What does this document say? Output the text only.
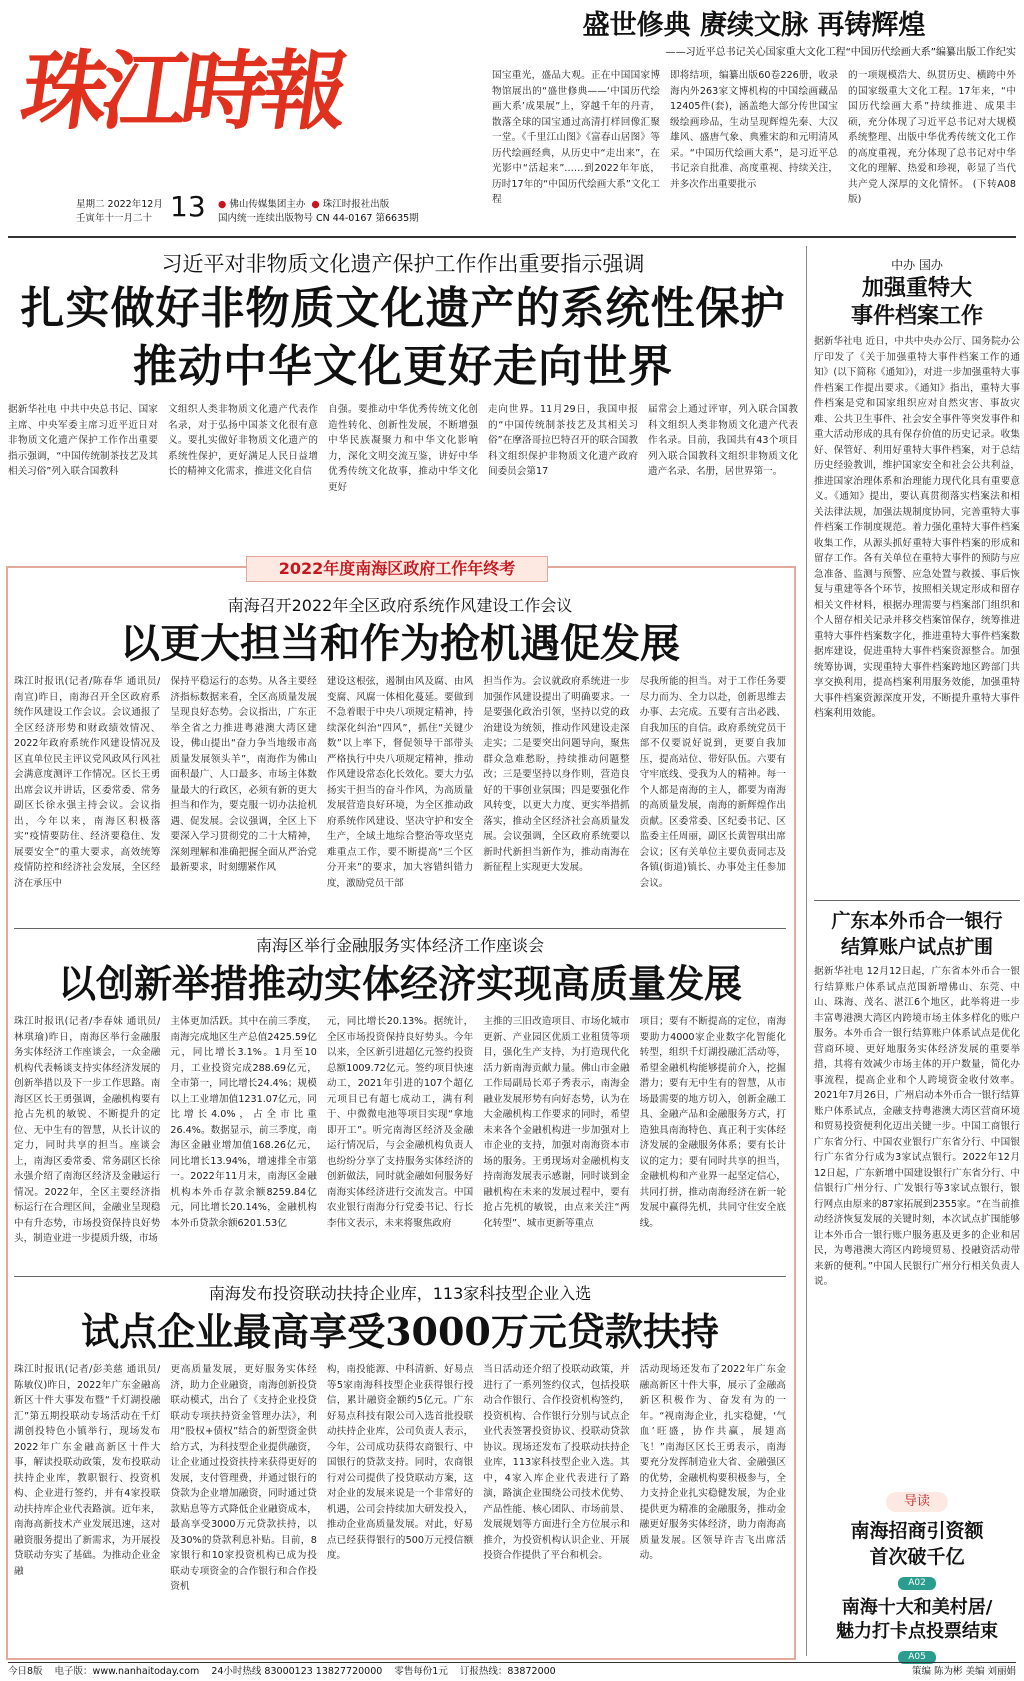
珠江時報
星期二 2022年12月
壬寅年十一月二十 13 ● 佛山传媒集团主办 ● 珠江时报社出版
国内统一连续出版物号 CN 44-0167 第6635期
盛世修典 赓续文脉 再铸辉煌
——习近平总书记关心国家重大文化工程“中国历代绘画大系”编纂出版工作纪实
国宝重光，盛品大观。正在中国国家博物馆展出的“盛世修典——‘中国历代绘画大系’成果展”上，穿越千年的丹青，散落全球的国宝通过高清打样回像汇聚一堂。《千里江山图》《富春山居图》等历代绘画经典，从历史中“走出来”，在光影中“活起来”……到2022年年底，历时17年的“中国历代绘画大系”文化工程
即将结项，编纂出版60卷226册，收录海内外263家文博机构的中国绘画藏品12405件(套)，涵盖绝大部分传世国宝级绘画珍品，生动呈现辉煌先秦、大汉雄风、盛唐气象、典雅宋韵和元明清风采。“中国历代绘画大系”，是习近平总书记亲自批准、高度重视、持续关注，并多次作出重要批示
的一项规模浩大、纵贯历史、横跨中外的国家级重大文化工程。17年来，“中国历代绘画大系”持续推进、成果丰硕，充分体现了习近平总书记对大规模系统整理、出版中华优秀传统文化工作的高度重视，充分体现了总书记对中华文化的理解、热爱和珍视，彰显了当代共产党人深厚的文化情怀。 (下转A08版)
习近平对非物质文化遗产保护工作作出重要指示强调
扎实做好非物质文化遗产的系统性保护
推动中华文化更好走向世界
据新华社电 中共中央总书记、国家主席、中央军委主席习近平近日对非物质文化遗产保护工作作出重要指示强调，“中国传统制茶技艺及其相关习俗”列入联合国教科
文组织人类非物质文化遗产代表作名录，对于弘扬中国茶文化很有意义。要扎实做好非物质文化遗产的系统性保护，更好满足人民日益增长的精神文化需求，推进文化自信
自强。要推动中华优秀传统文化创造性转化、创新性发展，不断增强中华民族凝聚力和中华文化影响力，深化文明交流互鉴，讲好中华优秀传统文化故事，推动中华文化更好
走向世界。11月29日，我国申报的“中国传统制茶技艺及其相关习俗”在摩洛哥拉巴特召开的联合国教科文组织保护非物质文化遗产政府间委员会第17
届常会上通过评审，列入联合国教科文组织人类非物质文化遗产代表作名录。目前，我国共有43个项目列入联合国教科文组织非物质文化遗产名录、名册，居世界第一。
2022年度南海区政府工作年终考
南海召开2022年全区政府系统作风建设工作会议
以更大担当和作为抢机遇促发展
珠江时报讯(记者/陈春华 通讯员/南宣)昨日，南海召开全区政府系统作风建设工作会议。会议通报了全区经济形势和财政绩效情况、2022年政府系统作风建设情况及区直单位民主评议党风政风行风社会满意度测评工作情况。区长王勇出席会议并讲话，区委常委、常务副区长徐永强主持会议。会议指出，今年以来，南海区积极落实“疫情要防住、经济要稳住、发展要安全”的重大要求，高效统筹疫情防控和经济社会发展，全区经济在承压中
保持平稳运行的态势。从各主要经济指标数据来看，全区高质量发展呈现良好态势。会议指出，广东正举全省之力推进粤港澳大湾区建设，佛山提出“奋力争当地级市高质量发展领头羊”，南海作为佛山面积最广、人口最多、市场主体数量最大的行政区，必须有新的更大担当和作为，要克服一切办法抢机遇、促发展。会议强调，全区上下要深入学习贯彻党的二十大精神，深刻理解和准确把握全面从严治党最新要求，时刻绷紧作风
建设这根弦，遏制由风及腐、由风变腐、风腐一体相化蔓延。要做到不急着眼于中央八项规定精神，持续深化纠治“四风”，抓住“关键少数”以上率下，督促领导干部带头严格执行中央八项规定精神，推动作风建设常态化长效化。要大力弘扬实干担当的奋斗作风，为高质量发展营造良好环境，为全区推动政府系统作风建设、坚决守护和安全生产，全域土地综合整治等攻坚克难重点工作，要不断提高“三个区分开来”的要求，加大容错纠错力度，激励党员干部
担当作为。会议就政府系统进一步加强作风建设提出了明确要求。一是要强化政治引领，坚持以党的政治建设为统领，推动作风建设走深走实；二是要突出问题导向，聚焦群众急难愁盼，持续推动问题整改；三是要坚持以身作则，营造良好的干事创业氛围；四是要强化作风转变，以更大力度、更实举措抓落实，推动全区经济社会高质量发展。会议强调，全区政府系统要以新时代新担当新作为，推动南海在新征程上实现更大发展。
尽我所能的担当。对于工作任务要尽力而为、全力以赴，创新思维去办事、去完成。五要有言出必践、自我加压的自信。政府系统党员干部不仅要说好说到，更要自我加压，提高站位、带好队伍。六要有守牢底线、受我为人的精神。每一个人都是南海的主人，都要为南海的高质量发展，南海的新辉煌作出贡献。区委常委、区纪委书记、区监委主任周丽，副区长黄智琪出席会议；区有关单位主要负责同志及各镇(街道)镇长、办事处主任参加会议。
南海区举行金融服务实体经济工作座谈会
以创新举措推动实体经济实现高质量发展
珠江时报讯(记者/李春妹 通讯员/林琪瑜)昨日，南海区举行金融服务实体经济工作座谈会，一众金融机构代表畅谈支持实体经济发展的创新举措以及下一步工作思路。南海区区长王勇强调，金融机构要有抢占先机的敏锐、不断提升的定位、无中生有的智慧，从长计议的定力，同时共享的担当。座谈会上，南海区委常委、常务副区长徐永强介绍了南海区经济及金融运行情况。2022年，全区主要经济指标运行在合理区间，金融业呈现稳中有升态势，市场投资保持良好势头，制造业进一步提质升级，市场
主体更加活跃。其中在前三季度，南海完成地区生产总值2425.59亿元，同比增长3.1%。1月至10月，工业投资完成288.69亿元，全市第一，同比增长24.4%；规模以上工业增加值1231.07亿元，同比增长4.0%，占全市比重26.4%。数据显示，前三季度，南海区金融业增加值168.26亿元，同比增长13.94%，增速排全市第一。2022年11月末，南海区金融机构本外币存款余额8259.84亿元，同比增长20.14%，金融机构本外币贷款余额6201.53亿
元，同比增长20.13%。据统计，全区市场投资保持良好势头。今年以来，全区新引进超亿元签约投资总额1009.72亿元。签约项目快速动工，2021年引进的107个超亿元项目已有超七成动工，满有利于、中微微电池等项目实现“拿地即开工”。听完南海区经济及金融运行情况后，与会金融机构负责人也纷纷分享了支持服务实体经济的创新做法，同时就金融如何服务好南海实体经济进行交流发言。中国农业银行南海分行党委书记、行长李伟文表示，未来将聚焦政府
主推的三旧改造项目、市场化城市更新、产业园区优质工业租赁等项目，强化生产支持，为打造现代化活力新南海贡献力量。佛山市金融工作局副局长邓子秀表示，南海金融业发展形势有向好态势，认为在大金融机构工作要求的同时，希望未来各个金融机构进一步加强对上市企业的支持，加强对南海资本市场的服务。王勇现场对金融机构支持南海发展表示感谢，同时谈到金融机构在未来的发展过程中，要有抢占先机的敏锐，由点来关注“两化转型”、城市更新等重点
项目；要有不断提高的定位，南海要助力4000家企业数字化智能化转型，组织千灯湖投融汇活动等，希望金融机构能够提前介入，挖掘潜力；要有无中生有的智慧，从市场最需要的地方切入，创新金融工具、金融产品和金融服务方式，打造独具南海特色、真正利于实体经济发展的金融服务体系；要有长计议的定力；要有同时共享的担当，金融机构和产业界一起坚定信心，共同打拼，推动南海经济在新一轮发展中赢得先机，共同守住安全底线。
南海发布投资联动扶持企业库，113家科技型企业入选
试点企业最高享受3000万元贷款扶持
珠江时报讯(记者/彭美慈 通讯员/陈敏仪)昨日，2022年广东金融高新区十件大事发布暨“千灯湖投融汇”第五期投联动专场活动在千灯湖创投特色小镇举行，现场发布2022年广东金融高新区十件大事，解读投联动政策，发布投联动扶持企业库，教职银行、投资机构、企业进行签约，并有4家投联动扶持库企业代表路演。近年来，南海高新技术产业发展迅速，这对融资服务提出了新需求，为开展投贷联动夯实了基础。为推动企业金融
更高质量发展，更好服务实体经济，助力企业融资，南海创新投贷联动模式，出台了《支持企业投贷联动专项扶持资金管理办法》，利用“股权+债权”结合的新型资金供给方式，为科技型企业提供融资，让企业通过投资扶持来获得更好的发展，支付管理费，并通过银行的贷款为企业增加融资，同时通过贷款贴息等方式降低企业融资成本，最高享受3000万元贷款扶持，以及30%的贷款利息补贴。目前，8家银行和10家投资机构已成为投联动专项资金的合作银行和合作投资机
构，南投能源、中科清新、好易点等5家南海科技型企业获得银行授信，累计融资金额约5亿元。广东好易点科技有限公司入选首批投联动扶持企业库，公司负责人表示，今年，公司成功获得农商银行、中国银行的贷款支持。同时，农商银行对公司提供了投贷联动方案，这对企业的发展来说是一个非常好的机遇，公司会持续加大研发投入，推动企业高质量发展。对此，好易点已经获得银行的500万元授信额度。
当日活动还介绍了投联动政策，并进行了一系列签约仪式，包括投联动合作银行、合作投资机构签约，投资机构、合作银行分别与试点企业代表签署投资协议、投联动贷款协议。现场还发布了投联动扶持企业库，113家科技型企业入选。其中，4家入库企业代表进行了路演，路演企业围绕公司技术优势、产品性能、核心团队、市场前景、发展规划等方面进行全方位展示和推介，为投资机构认识企业、开展投资合作提供了平台和机会。
活动现场还发布了2022年广东金融高新区十件大事，展示了金融高新区积极作为、奋发有为的一年。“视南海企业，扎实稳健，‘气血’旺盛，协作共赢，展翅高飞！”南海区区长王勇表示，南海要充分发挥制造业大省、金融强区的优势，金融机构要积极参与，全力支持企业扎实稳健发展，为企业提供更为精准的金融服务，推动金融更好服务实体经济，助力南海高质量发展。区领导许吉飞出席活动。
中办 国办
加强重特大
事件档案工作
据新华社电 近日，中共中央办公厅、国务院办公厅印发了《关于加强重特大事件档案工作的通知》(以下简称《通知》)，对进一步加强重特大事件档案工作提出要求。《通知》指出，重特大事件档案是党和国家组织应对自然灾害、事故灾难、公共卫生事件、社会安全事件等突发事件和重大活动形成的具有保存价值的历史记录。收集好、保管好、利用好重特大事件档案，对于总结历史经验教训，维护国家安全和社会公共利益，推进国家治理体系和治理能力现代化具有重要意义。《通知》提出，要认真贯彻落实档案法和相关法律法规，加强法规制度协同，完善重特大事件档案工作制度规范。着力强化重特大事件档案收集工作，从源头抓好重特大事件档案的形成和留存工作。各有关单位在重特大事件的预防与应急准备、监测与预警、应急处置与救援、事后恢复与重建等各个环节，按照相关规定形成和留存相关文件材料，根据办理需要与档案部门组织和个人留存相关记录并移交档案馆保存，统筹推进重特大事件档案数字化，推进重特大事件档案数据库建设，促进重特大事件档案资源整合。加强统筹协调，实现重特大事件档案跨地区跨部门共享交换利用，提高档案利用服务效能，加强重特大事件档案资源深度开发，不断提升重特大事件档案利用效能。
广东本外币合一银行
结算账户试点扩围
据新华社电 12月12日起，广东省本外币合一银行结算账户体系试点范围新增佛山、东莞、中山、珠海、茂名、湛江6个地区，此举将进一步丰富粤港澳大湾区内跨境市场主体多样化的账户服务。本外币合一银行结算账户体系试点是优化营商环境、更好地服务实体经济发展的重要举措，其将有效减少市场主体的开户数量，简化办事流程，提高企业和个人跨境资金收付效率。2021年7月26日，广州启动本外币合一银行结算账户体系试点，金融支持粤港澳大湾区营商环境和贸易投资便利化迈出关键一步。中国工商银行广东省分行、中国农业银行广东省分行、中国银行广东省分行成为3家试点银行。2022年12月12日起，广东新增中国建设银行广东省分行、中信银行广州分行、广发银行等3家试点银行，银行网点由原来的87家拓展到2355家。“在当前推动经济恢复发展的关键时刻，本次试点扩围能够让本外币合一银行账户服务惠及更多的企业和居民，为粤港澳大湾区内跨境贸易、投融资活动带来新的便利。”中国人民银行广州分行相关负责人说。
导读
南海招商引资额
首次破千亿
A02
南海十大和美村居/
魅力打卡点投票结束
A05
今日8版 电子版：www.nanhaitoday.com 24小时热线 83000123 13827720000 零售每份1元 订报热线：83872000	策编 陈为彬 美编 刘丽娟
